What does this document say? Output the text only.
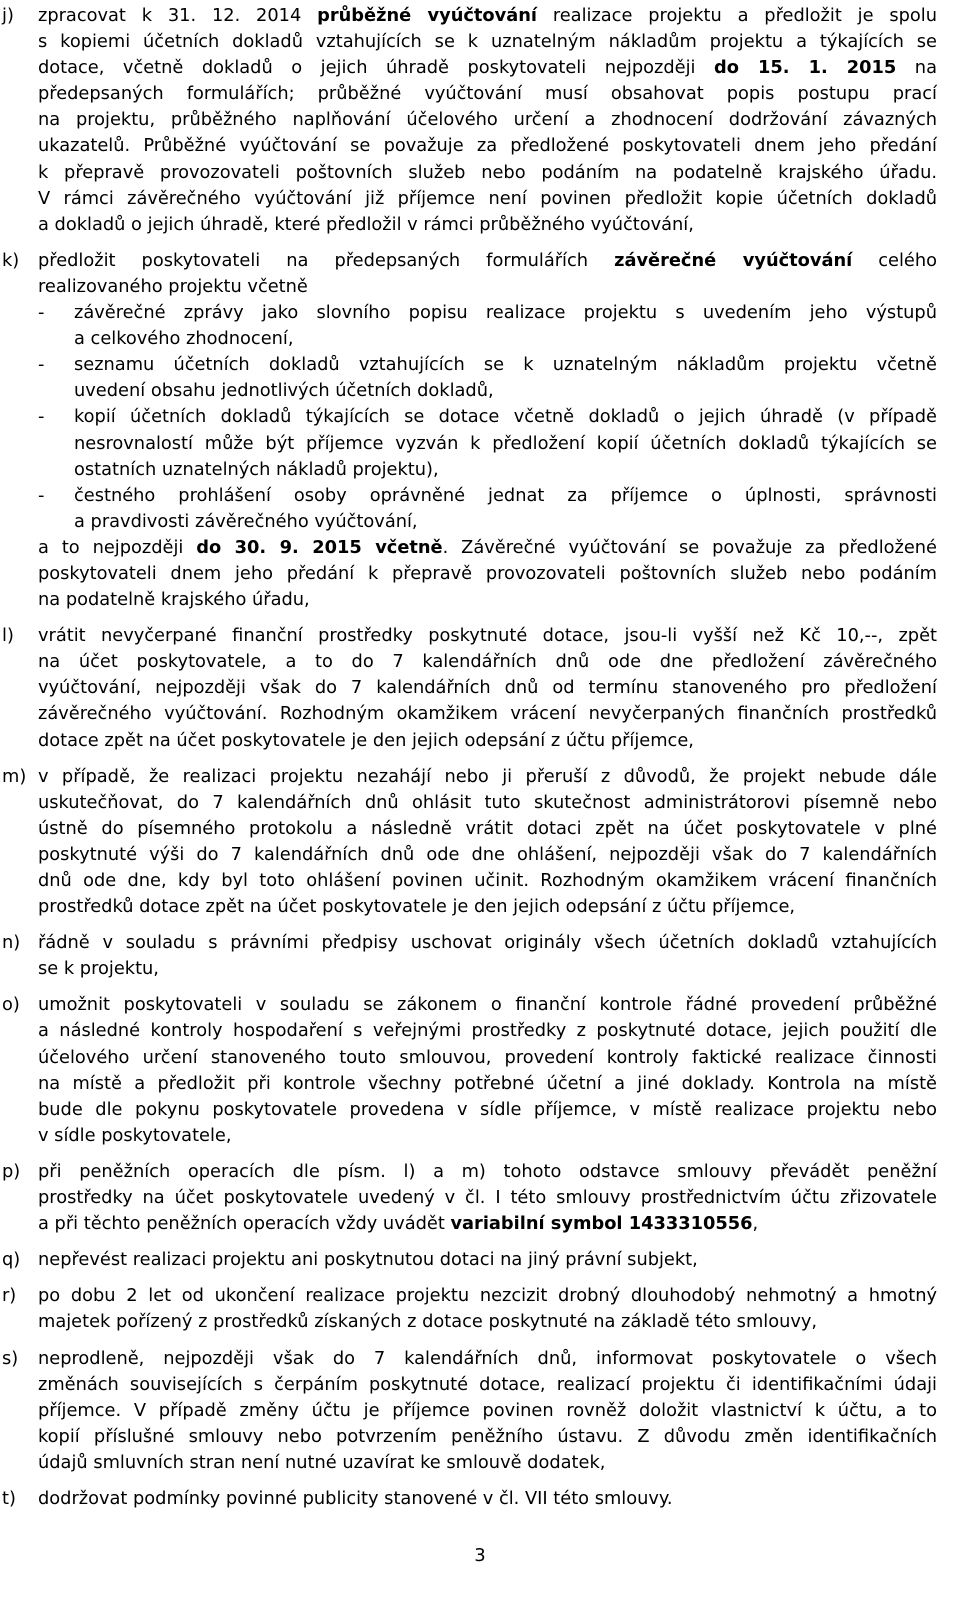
j) zpracovat k 31. 12. 2014 průběžné vyúčtování realizace projektu a předložit je spolu
s kopiemi účetních dokladů vztahujících se k uznatelným nákladům projektu a týkajících se
dotace, včetně dokladů o jejich úhradě poskytovateli nejpozději do 15. 1. 2015 na
předepsaných formulářích; průběžné vyúčtování musí obsahovat popis postupu prací
na projektu, průběžného naplňování účelového určení a zhodnocení dodržování závazných
ukazatelů. Průběžné vyúčtování se považuje za předložené poskytovateli dnem jeho předání
k přepravě provozovateli poštovních služeb nebo podáním na podatelně krajského úřadu.
V rámci závěrečného vyúčtování již příjemce není povinen předložit kopie účetních dokladů
a dokladů o jejich úhradě, které předložil v rámci průběžného vyúčtování,
k) předložit poskytovateli na předepsaných formulářích závěrečné vyúčtování celého
realizovaného projektu včetně
- závěrečné zprávy jako slovního popisu realizace projektu s uvedením jeho výstupů
a celkového zhodnocení,
- seznamu účetních dokladů vztahujících se k uznatelným nákladům projektu včetně
uvedení obsahu jednotlivých účetních dokladů,
- kopií účetních dokladů týkajících se dotace včetně dokladů o jejich úhradě (v případě
nesrovnalostí může být příjemce vyzván k předložení kopií účetních dokladů týkajících se
ostatních uznatelných nákladů projektu),
- čestného prohlášení osoby oprávněné jednat za příjemce o úplnosti, správnosti
a pravdivosti závěrečného vyúčtování,
a to nejpozději do 30. 9. 2015 včetně. Závěrečné vyúčtování se považuje za předložené
poskytovateli dnem jeho předání k přepravě provozovateli poštovních služeb nebo podáním
na podatelně krajského úřadu,
l) vrátit nevyčerpané finanční prostředky poskytnuté dotace, jsou-li vyšší než Kč 10,--, zpět
na účet poskytovatele, a to do 7 kalendářních dnů ode dne předložení závěrečného
vyúčtování, nejpozději však do 7 kalendářních dnů od termínu stanoveného pro předložení
závěrečného vyúčtování. Rozhodným okamžikem vrácení nevyčerpaných finančních prostředků
dotace zpět na účet poskytovatele je den jejich odepsání z účtu příjemce,
m) v případě, že realizaci projektu nezahájí nebo ji přeruší z důvodů, že projekt nebude dále
uskutečňovat, do 7 kalendářních dnů ohlásit tuto skutečnost administrátorovi písemně nebo
ústně do písemného protokolu a následně vrátit dotaci zpět na účet poskytovatele v plné
poskytnuté výši do 7 kalendářních dnů ode dne ohlášení, nejpozději však do 7 kalendářních
dnů ode dne, kdy byl toto ohlášení povinen učinit. Rozhodným okamžikem vrácení finančních
prostředků dotace zpět na účet poskytovatele je den jejich odepsání z účtu příjemce,
n) řádně v souladu s právními předpisy uschovat originály všech účetních dokladů vztahujících
se k projektu,
o) umožnit poskytovateli v souladu se zákonem o finanční kontrole řádné provedení průběžné
a následné kontroly hospodaření s veřejnými prostředky z poskytnuté dotace, jejich použití dle
účelového určení stanoveného touto smlouvou, provedení kontroly faktické realizace činnosti
na místě a předložit při kontrole všechny potřebné účetní a jiné doklady. Kontrola na místě
bude dle pokynu poskytovatele provedena v sídle příjemce, v místě realizace projektu nebo
v sídle poskytovatele,
p) při peněžních operacích dle písm. l) a m) tohoto odstavce smlouvy převádět peněžní
prostředky na účet poskytovatele uvedený v čl. I této smlouvy prostřednictvím účtu zřizovatele
a při těchto peněžních operacích vždy uvádět variabilní symbol 1433310556,
q) nepřevést realizaci projektu ani poskytnutou dotaci na jiný právní subjekt,
r) po dobu 2 let od ukončení realizace projektu nezcizit drobný dlouhodobý nehmotný a hmotný
majetek pořízený z prostředků získaných z dotace poskytnuté na základě této smlouvy,
s) neprodleně, nejpozději však do 7 kalendářních dnů, informovat poskytovatele o všech
změnách souvisejících s čerpáním poskytnuté dotace, realizací projektu či identifikačními údaji
příjemce. V případě změny účtu je příjemce povinen rovněž doložit vlastnictví k účtu, a to
kopií příslušné smlouvy nebo potvrzením peněžního ústavu. Z důvodu změn identifikačních
údajů smluvních stran není nutné uzavírat ke smlouvě dodatek,
t) dodržovat podmínky povinné publicity stanovené v čl. VII této smlouvy.
3
